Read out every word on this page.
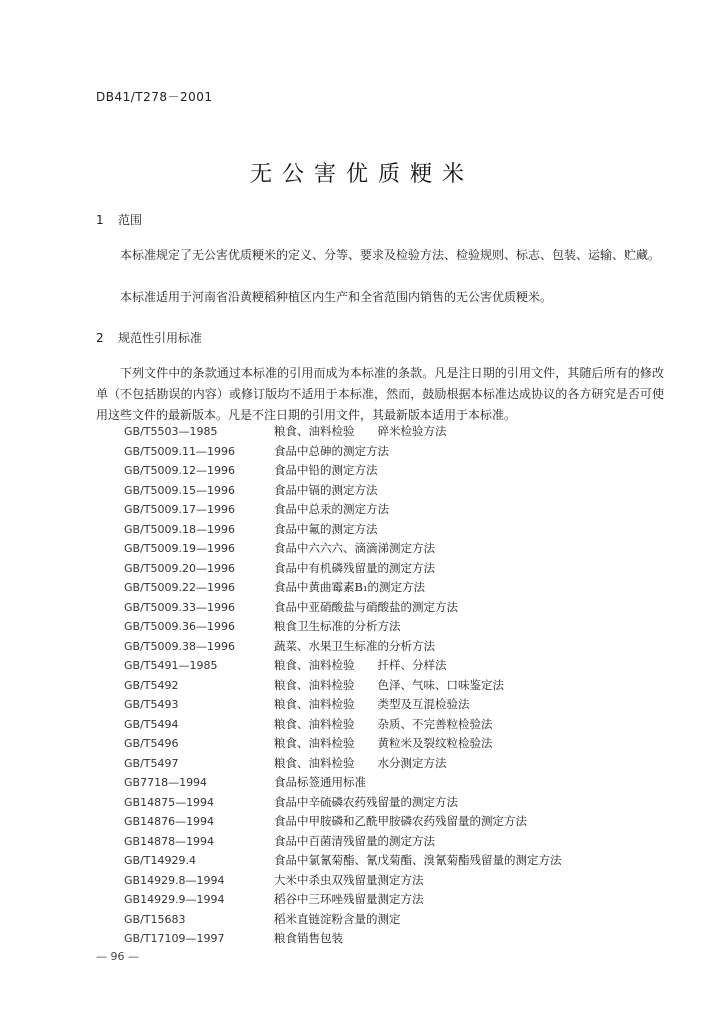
DB41/T278－2001
无公害优质粳米
1 范围

本标准规定了无公害优质粳米的定义、分等、要求及检验方法、检验规则、标志、包装、运输、贮藏。

本标准适用于河南省沿黄粳稻种植区内生产和全省范围内销售的无公害优质粳米。

2 规范性引用标准

下列文件中的条款通过本标准的引用而成为本标准的条款。凡是注日期的引用文件，其随后所有的修改单（不包括勘误的内容）或修订版均不适用于本标准，然而，鼓励根据本标准达成协议的各方研究是否可使用这些文件的最新版本。凡是不注日期的引用文件，其最新版本适用于本标准。

GB/T5503—1985	粮食、油料检验　　碎米检验方法
GB/T5009.11—1996	食品中总砷的测定方法
GB/T5009.12—1996	食品中铅的测定方法
GB/T5009.15—1996	食品中镉的测定方法
GB/T5009.17—1996	食品中总汞的测定方法
GB/T5009.18—1996	食品中氟的测定方法
GB/T5009.19—1996	食品中六六六、滴滴涕测定方法
GB/T5009.20—1996	食品中有机磷残留量的测定方法
GB/T5009.22—1996	食品中黄曲霉素B₁的测定方法
GB/T5009.33—1996	食品中亚硝酸盐与硝酸盐的测定方法
GB/T5009.36—1996	粮食卫生标准的分析方法
GB/T5009.38—1996	蔬菜、水果卫生标准的分析方法
GB/T5491—1985	粮食、油料检验　　扦样、分样法
GB/T5492	粮食、油料检验　　色泽、气味、口味鉴定法
GB/T5493	粮食、油料检验　　类型及互混检验法
GB/T5494	粮食、油料检验　　杂质、不完善粒检验法
GB/T5496	粮食、油料检验　　黄粒米及裂纹粒检验法
GB/T5497	粮食、油料检验　　水分测定方法
GB7718—1994	食品标签通用标准
GB14875—1994	食品中辛硫磷农药残留量的测定方法
GB14876—1994	食品中甲胺磷和乙酰甲胺磷农药残留量的测定方法
GB14878—1994	食品中百菌清残留量的测定方法
GB/T14929.4	食品中氯氰菊酯、氰戊菊酯、溴氰菊酯残留量的测定方法
GB14929.8—1994	大米中杀虫双残留量测定方法
GB14929.9—1994	稻谷中三环唑残留量测定方法
GB/T15683	稻米直链淀粉含量的测定
GB/T17109—1997	粮食销售包装
— 96 —
